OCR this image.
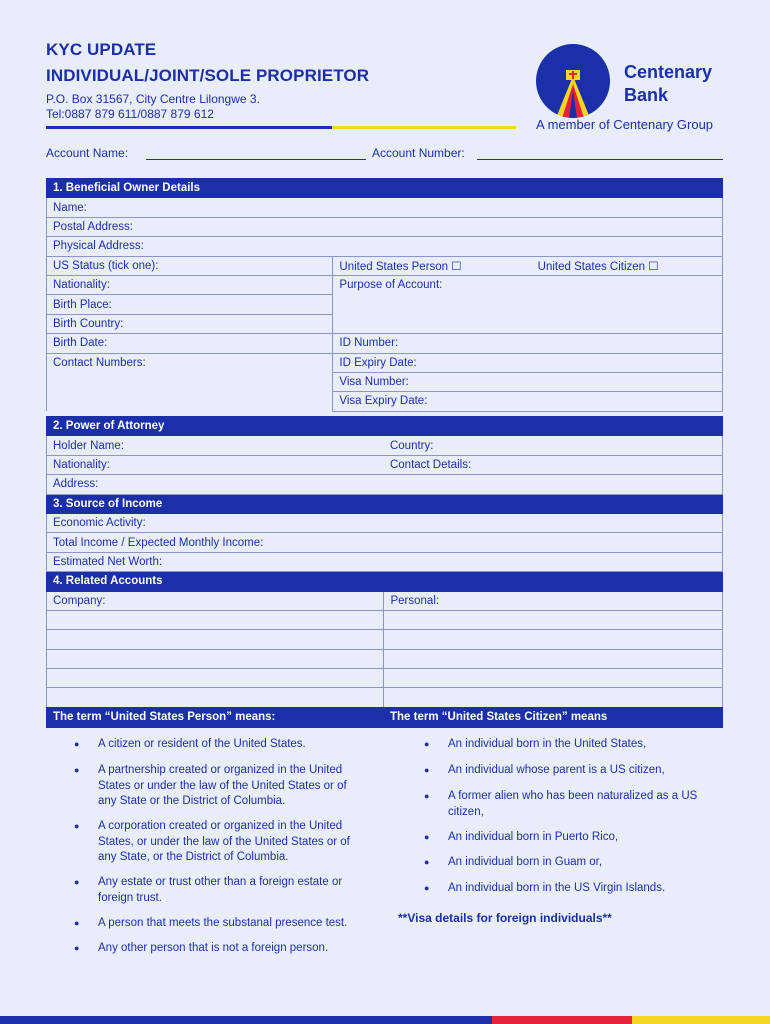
KYC UPDATE
INDIVIDUAL/JOINT/SOLE PROPRIETOR
P.O. Box 31567, City Centre Lilongwe 3.
Tel:0887 879 611/0887 879 612
Centenary
Bank
A member of Centenary Group
Account Name:	Account Number:
1. Beneficial Owner Details		
Name:		
Postal Address:		
Physical Address:		
US Status (tick one):	United States Person ☐	United States Citizen ☐
Nationality:	Purpose of Account:	
Birth Place:		
Birth Country:		
Birth Date:	ID Number:	
Contact Numbers:	ID Expiry Date:	
	Visa Number:	
	Visa Expiry Date:	
2. Power of Attorney	
Holder Name:	Country:
Nationality:	Contact Details:
Address:	
3. Source of Income	
Economic Activity:	
Total Income / Expected Monthly Income:	
Estimated Net Worth:	
4. Related Accounts	
Company:	Personal:

The term “United States Person” means:	The term “United States Citizen” means
● A citizen or resident of the United States.
● A partnership created or organized in the United
States or under the law of the United States or of
any State or the District of Columbia.
● A corporation created or organized in the United
States, or under the law of the United States or of
any State, or the District of Columbia.
● Any estate or trust other than a foreign estate or
foreign trust.
● A person that meets the substanal presence test.
● Any other person that is not a foreign person.
● An individual born in the United States,
● An individual whose parent is a US citizen,
● A former alien who has been naturalized as a US
citizen,
● An individual born in Puerto Rico,
● An individual born in Guam or,
● An individual born in the US Virgin Islands.
**Visa details for foreign individuals**
